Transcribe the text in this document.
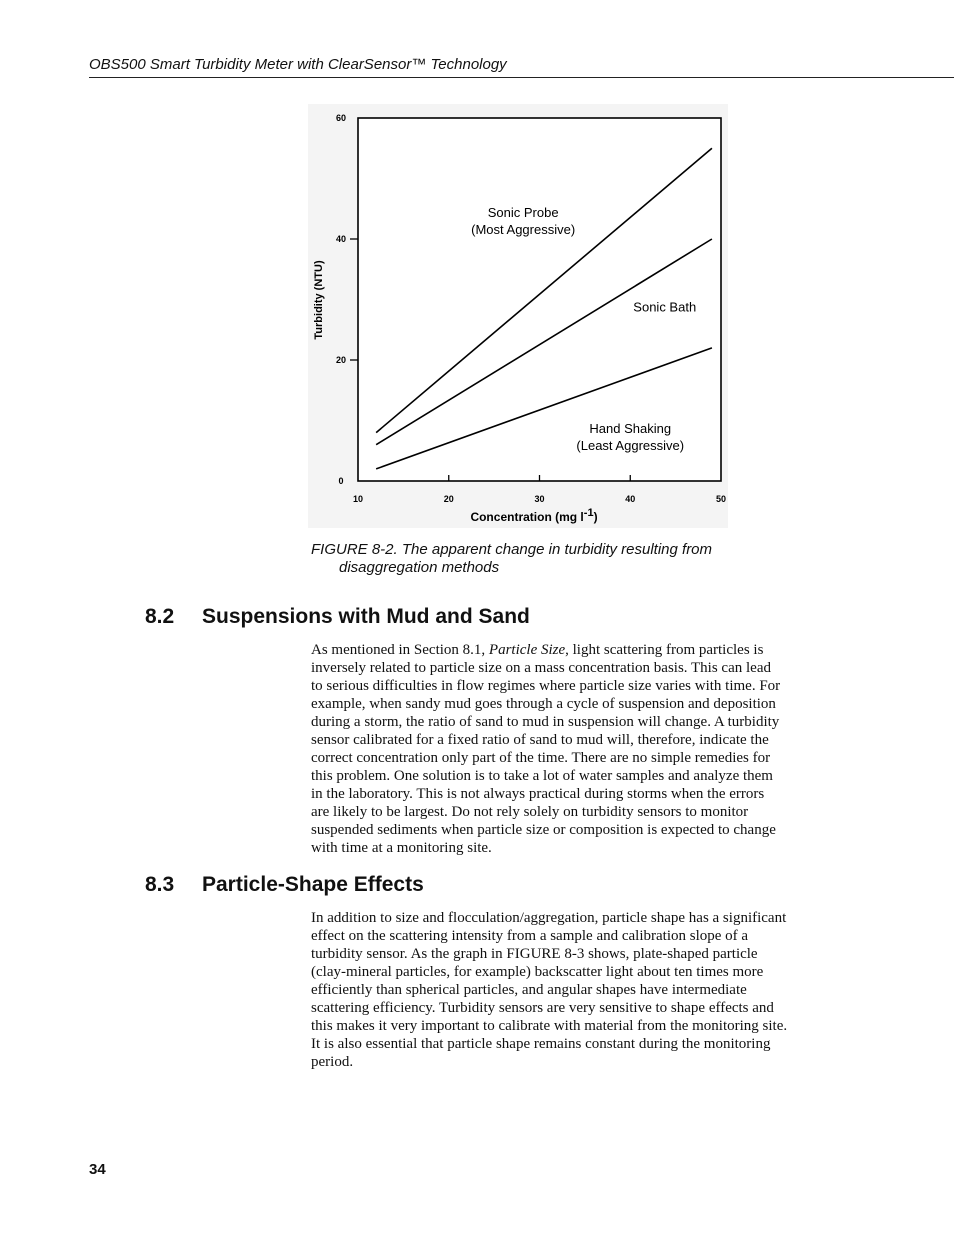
OBS500 Smart Turbidity Meter with ClearSensor™ Technology
0
20
40
60
10	20	30	40	50
Concentration (mg l-1)
Turbidity (NTU)
Sonic Probe
(Most Aggressive)
Sonic Bath
Hand Shaking
(Least Aggressive)
FIGURE 8-2. The apparent change in turbidity resulting from
disaggregation methods
8.2 Suspensions with Mud and Sand
As mentioned in Section 8.1, Particle Size, light scattering from particles is
inversely related to particle size on a mass concentration basis. This can lead
to serious difficulties in flow regimes where particle size varies with time. For
example, when sandy mud goes through a cycle of suspension and deposition
during a storm, the ratio of sand to mud in suspension will change. A turbidity
sensor calibrated for a fixed ratio of sand to mud will, therefore, indicate the
correct concentration only part of the time. There are no simple remedies for
this problem. One solution is to take a lot of water samples and analyze them
in the laboratory. This is not always practical during storms when the errors
are likely to be largest. Do not rely solely on turbidity sensors to monitor
suspended sediments when particle size or composition is expected to change
with time at a monitoring site.
8.3 Particle-Shape Effects
In addition to size and flocculation/aggregation, particle shape has a significant
effect on the scattering intensity from a sample and calibration slope of a
turbidity sensor. As the graph in FIGURE 8-3 shows, plate-shaped particle
(clay-mineral particles, for example) backscatter light about ten times more
efficiently than spherical particles, and angular shapes have intermediate
scattering efficiency. Turbidity sensors are very sensitive to shape effects and
this makes it very important to calibrate with material from the monitoring site.
It is also essential that particle shape remains constant during the monitoring
period.
34
